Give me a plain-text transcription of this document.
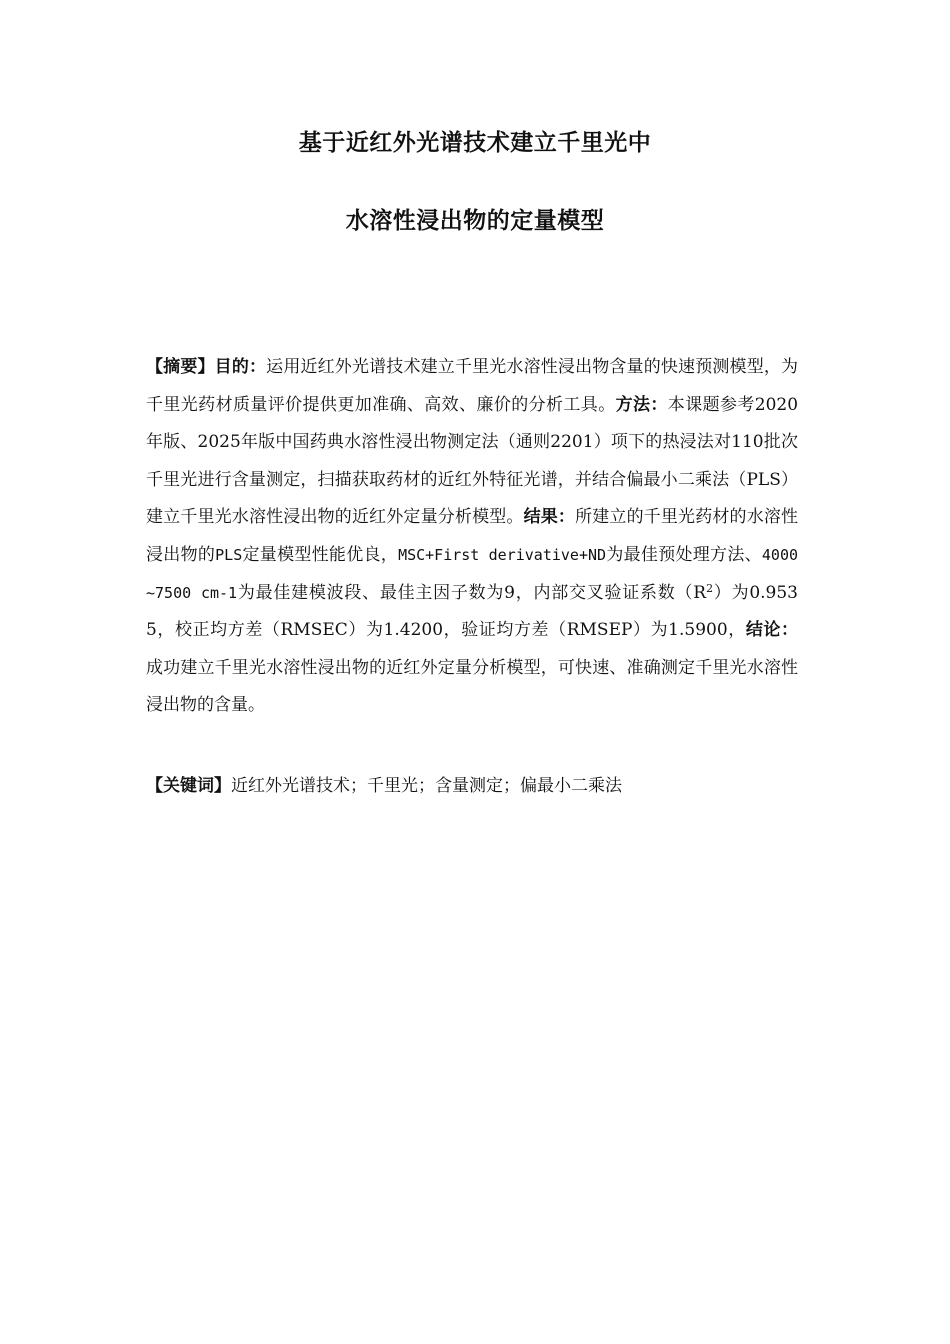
基于近红外光谱技术建立千里光中
水溶性浸出物的定量模型
【摘要】目的：运用近红外光谱技术建立千里光水溶性浸出物含量的快速预测模型，为千里光药材质量评价提供更加准确、高效、廉价的分析工具。方法：本课题参考2020年版、2025年版中国药典水溶性浸出物测定法（通则2201）项下的热浸法对110批次千里光进行含量测定，扫描获取药材的近红外特征光谱，并结合偏最小二乘法（PLS）建立千里光水溶性浸出物的近红外定量分析模型。结果：所建立的千里光药材的水溶性浸出物的PLS定量模型性能优良，MSC+First derivative+ND为最佳预处理方法、4000~7500 cm-1为最佳建模波段、最佳主因子数为9，内部交叉验证系数$(R^2)$为0.9535，校正均方差（RMSEC）为1.4200，验证均方差（RMSEP）为1.5900，结论：成功建立千里光水溶性浸出物的近红外定量分析模型，可快速、准确测定千里光水溶性浸出物的含量。
【关键词】近红外光谱技术；千里光；含量测定；偏最小二乘法
